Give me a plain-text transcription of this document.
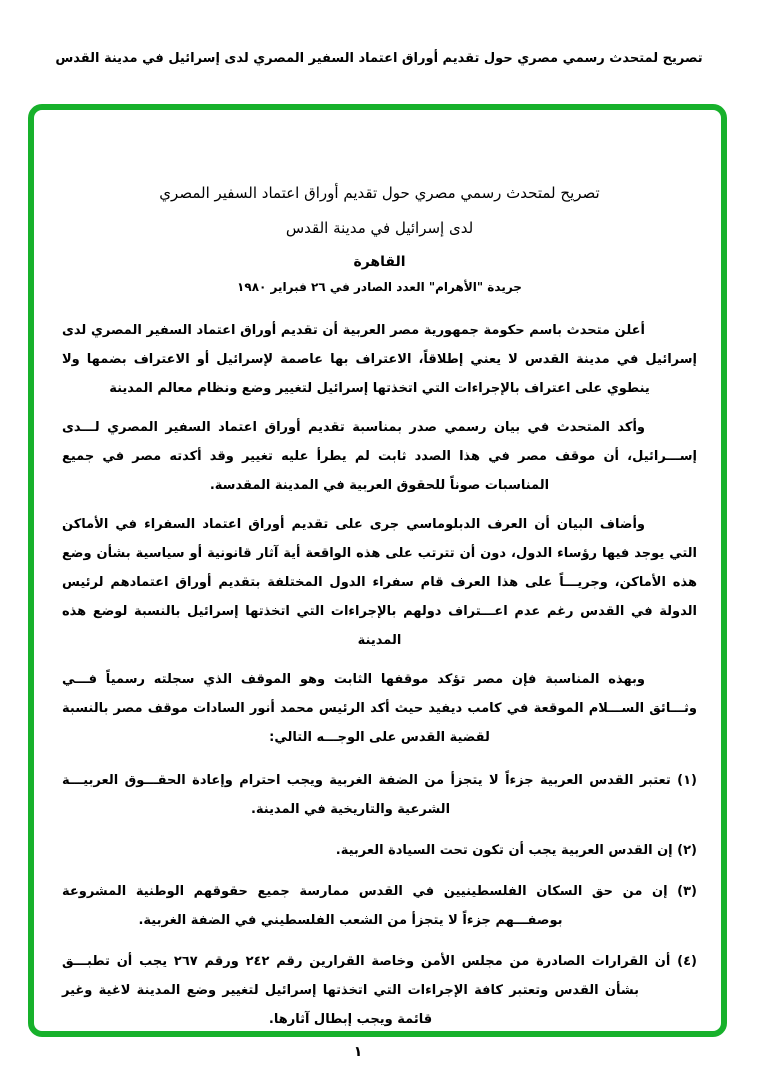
تصريح لمتحدث رسمي مصري حول تقديم أوراق اعتماد السفير المصري لدى إسرائيل في مدينة القدس
تصريح لمتحدث رسمي مصري حول تقديم أوراق اعتماد السفير المصري
لدى إسرائيل في مدينة القدس
القاهرة
جريدة "الأهرام" العدد الصادر في ٢٦ فبراير ١٩٨٠

أعلن متحدث باسم حكومة جمهورية مصر العربية أن تقديم أوراق اعتماد السفير المصري لدى إسرائيل في مدينة القدس لا يعني إطلاقاً، الاعتراف بها عاصمة لإسرائيل أو الاعتراف بضمها ولا ينطوي على اعتراف بالإجراءات التي اتخذتها إسرائيل لتغيير وضع ونظام معالم المدينة

وأكد المتحدث في بيان رسمي صدر بمناسبة تقديم أوراق اعتماد السفير المصري لـــدى إســـرائيل، أن موقف مصر في هذا الصدد ثابت لم يطرأ عليه تغيير وقد أكدته مصر في جميع المناسبات صوناً للحقوق العربية في المدينة المقدسة.

وأضاف البيان أن العرف الدبلوماسي جرى على تقديم أوراق اعتماد السفراء في الأماكن التي يوجد فيها رؤساء الدول، دون أن تترتب على هذه الواقعة أية آثار قانونية أو سياسية بشأن وضع هذه الأماكن، وجريـــاً على هذا العرف قام سفراء الدول المختلفة بتقديم أوراق اعتمادهم لرئيس الدولة في القدس رغم عدم اعـــتراف دولهم بالإجراءات التي اتخذتها إسرائيل بالنسبة لوضع هذه المدينة

وبهذه المناسبة فإن مصر تؤكد موقفها الثابت وهو الموقف الذي سجلته رسمياً فـــي وثـــائق الســـلام الموقعة في كامب ديفيد حيث أكد الرئيس محمد أنور السادات موقف مصر بالنسبة لقضية القدس على الوجـــه التالي:

(١) تعتبر القدس العربية جزءاً لا يتجزأ من الضفة الغربية ويجب احترام وإعادة الحقـــوق العربيـــة الشرعية والتاريخية في المدينة.

(٢) إن القدس العربية يجب أن تكون تحت السيادة العربية.

(٣) إن من حق السكان الفلسطينيين في القدس ممارسة جميع حقوقهم الوطنية المشروعة بوصفـــهم جزءاً لا يتجزأ من الشعب الفلسطيني في الضفة الغربية.

(٤) أن القرارات الصادرة من مجلس الأمن وخاصة القرارين رقم ٢٤٢ ورقم ٢٦٧ يجب أن تطبـــق بشأن القدس وتعتبر كافة الإجراءات التي اتخذتها إسرائيل لتغيير وضع المدينة لاغية وغير قائمة ويجب إبطال آثارها.

١
